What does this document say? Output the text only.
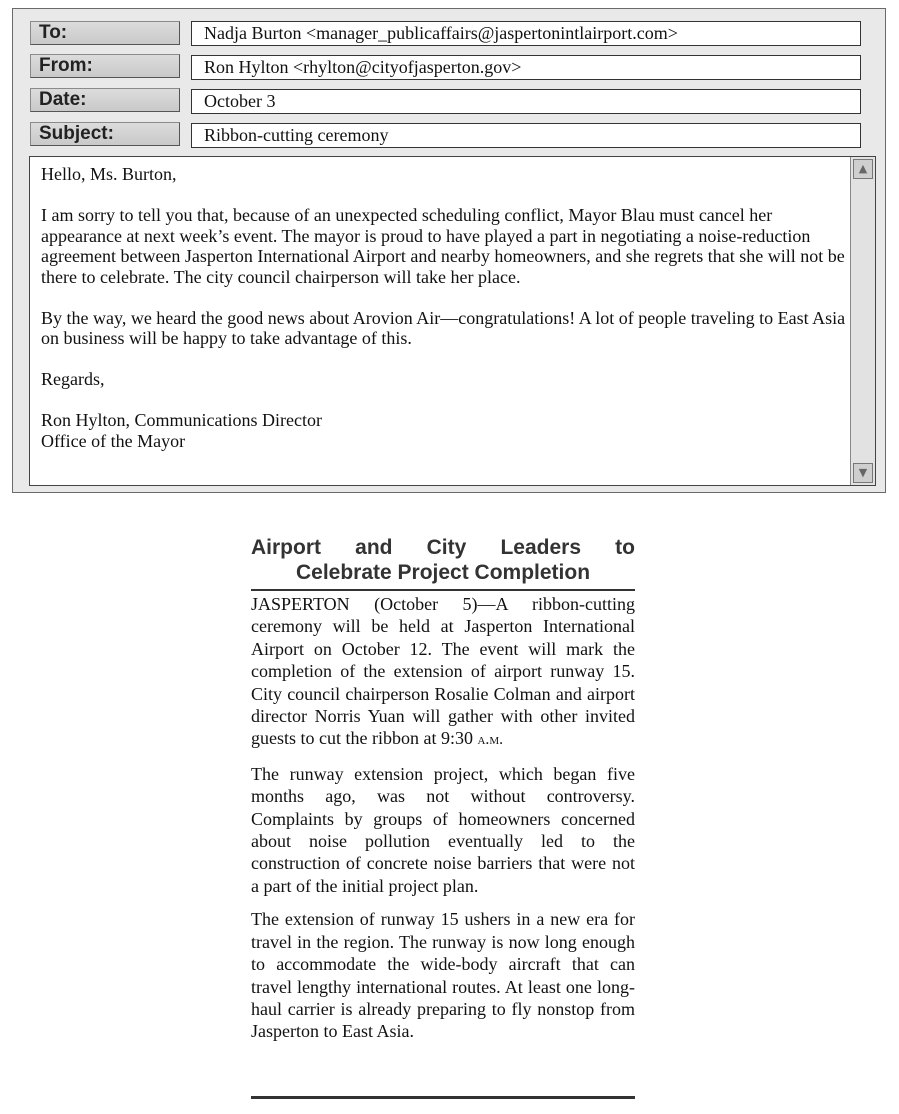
To:	Nadja Burton <manager_publicaffairs@jaspertonintlairport.com>
From:	Ron Hylton <rhylton@cityofjasperton.gov>
Date:	October 3
Subject:	Ribbon-cutting ceremony

Hello, Ms. Burton,

I am sorry to tell you that, because of an unexpected scheduling conflict, Mayor Blau must cancel her appearance at next week’s event. The mayor is proud to have played a part in negotiating a noise-reduction agreement between Jasperton International Airport and nearby homeowners, and she regrets that she will not be there to celebrate. The city council chairperson will take her place.

By the way, we heard the good news about Arovion Air—congratulations! A lot of people traveling to East Asia on business will be happy to take advantage of this.

Regards,

Ron Hylton, Communications Director
Office of the Mayor
▲
▼
Airport and City Leaders to
Celebrate Project Completion

JASPERTON (October 5)—A ribbon-cutting ceremony will be held at Jasperton International Airport on October 12. The event will mark the completion of the extension of airport runway 15. City council chairperson Rosalie Colman and airport director Norris Yuan will gather with other invited guests to cut the ribbon at 9:30 a.m.

The runway extension project, which began five months ago, was not without controversy. Complaints by groups of homeowners concerned about noise pollution eventually led to the construction of concrete noise barriers that were not a part of the initial project plan.

The extension of runway 15 ushers in a new era for travel in the region. The runway is now long enough to accommodate the wide-body aircraft that can travel lengthy international routes. At least one long-haul carrier is already preparing to fly nonstop from Jasperton to East Asia.
